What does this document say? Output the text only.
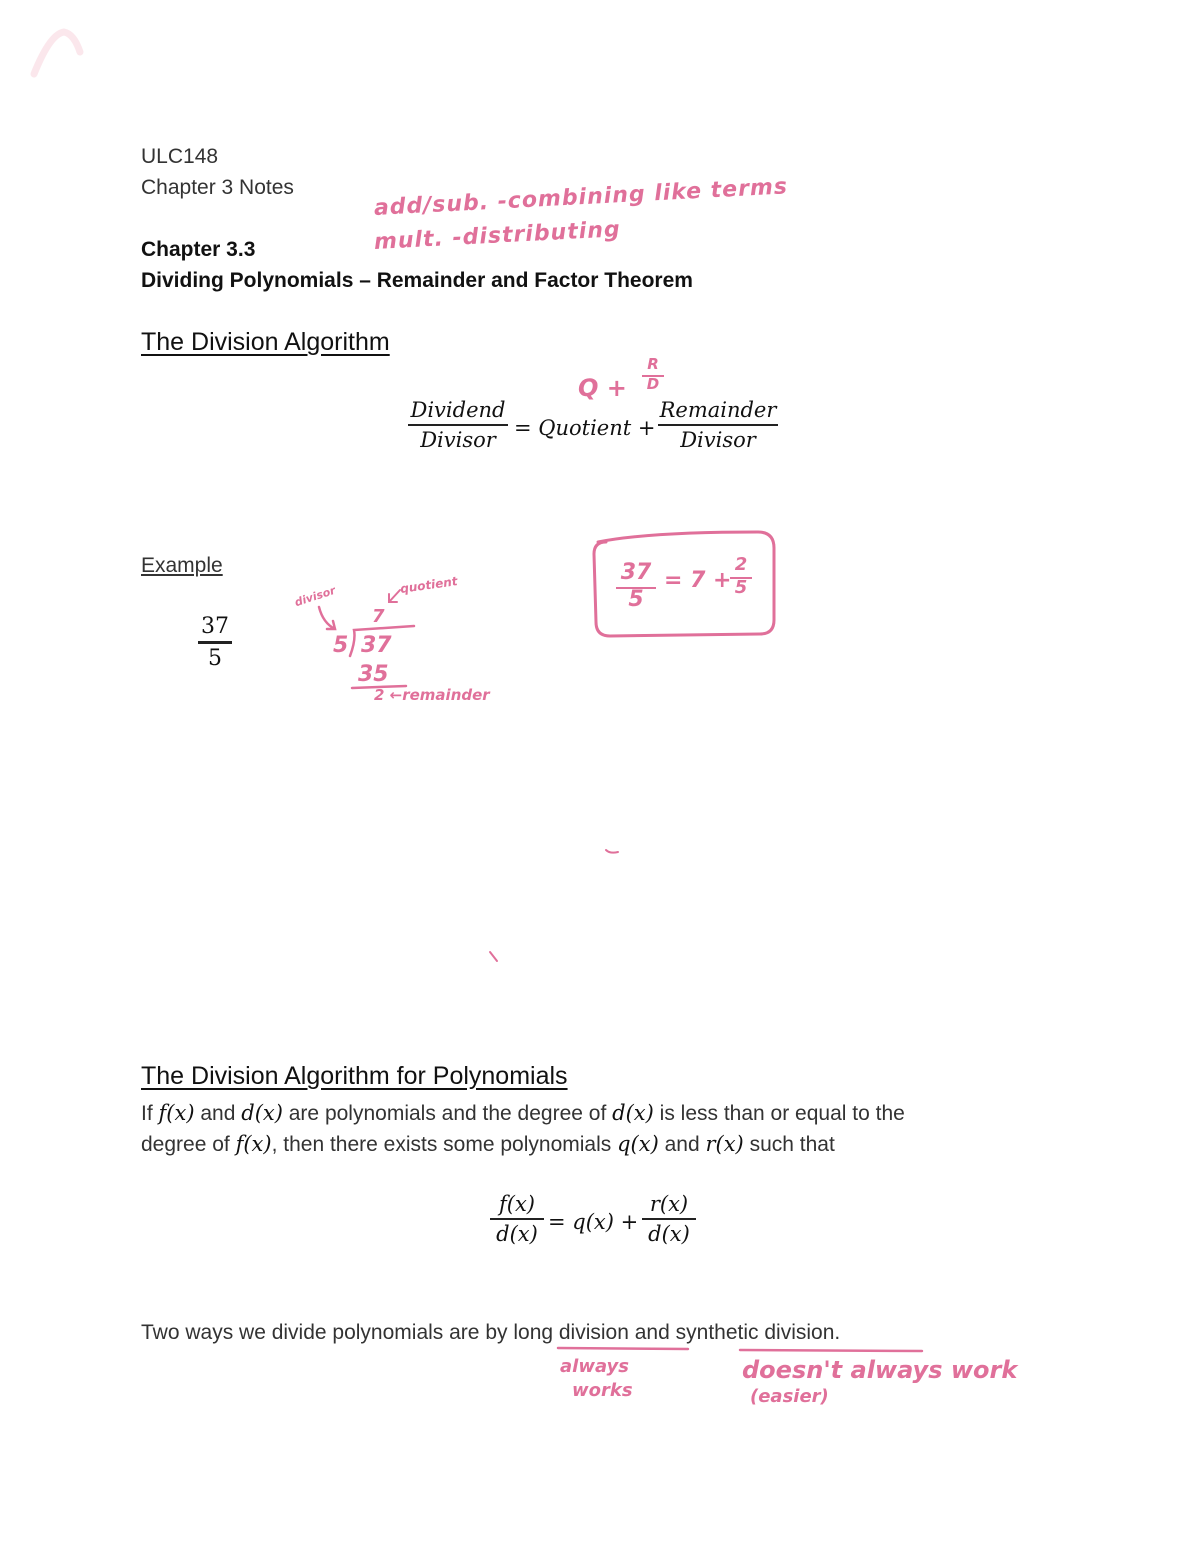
ULC148
Chapter 3 Notes
Chapter 3.3
Dividing Polynomials – Remainder and Factor Theorem
add/sub. -combining like terms
mult. -distributing
The Division Algorithm
Q +
R
D
Dividend
Divisor = Quotient +
Remainder
Divisor
Example
37
5
divisor	quotient
7
5 37
35
2 ←remainder
37
5
= 7 +
2
5
The Division Algorithm for Polynomials
If f(x) and d(x) are polynomials and the degree of d(x) is less than or equal to the
degree of f(x), then there exists some polynomials q(x) and r(x) such that
f(x)
d(x) = q(x) +
r(x)
d(x)
Two ways we divide polynomials are by long division and synthetic division.
always
works
doesn't always work
(easier)
